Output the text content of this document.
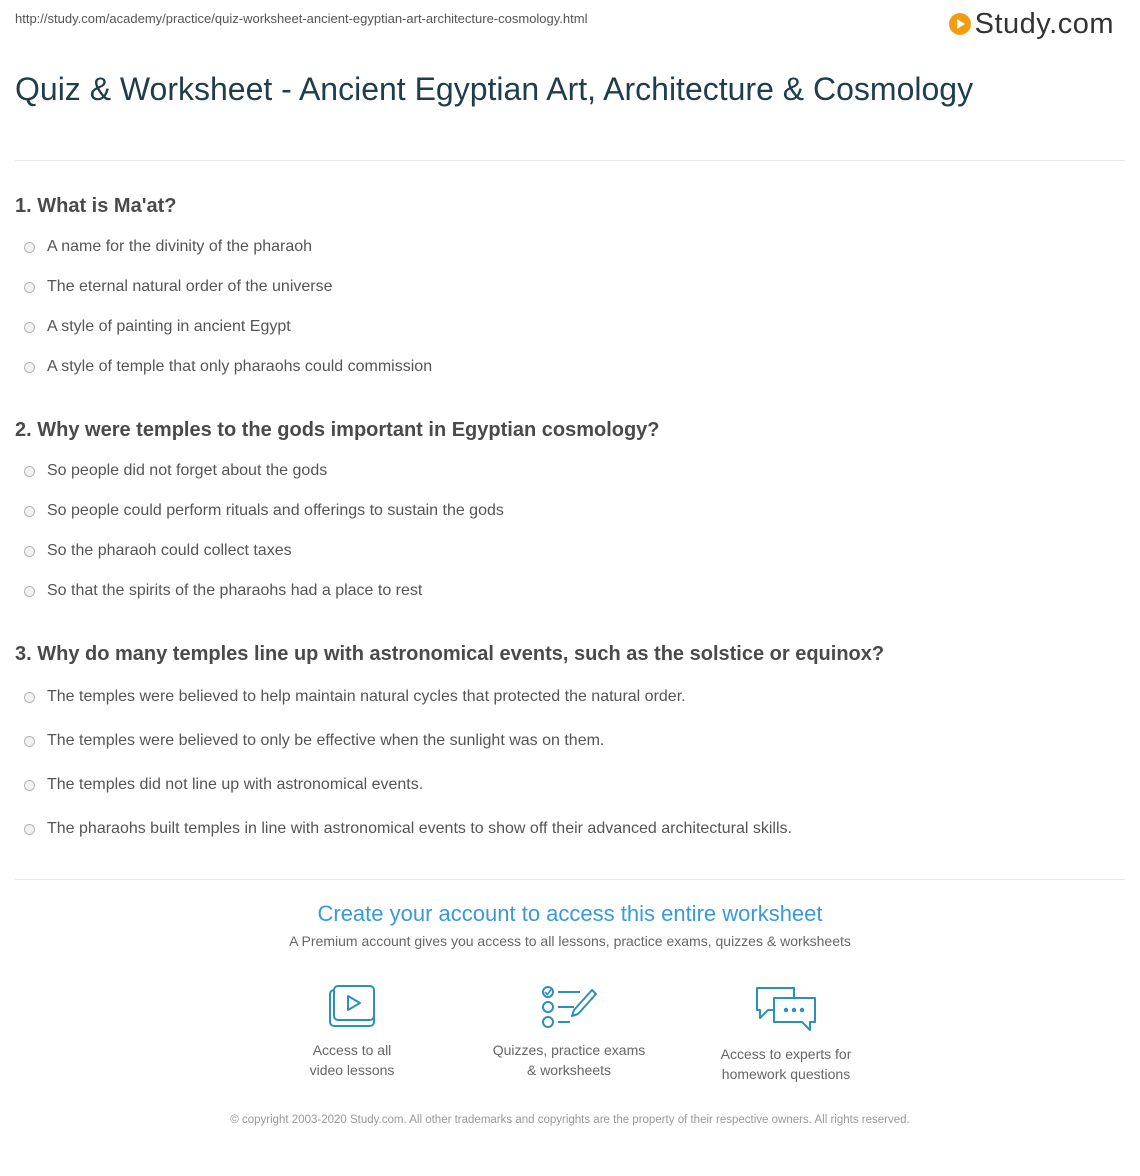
http://study.com/academy/practice/quiz-worksheet-ancient-egyptian-art-architecture-cosmology.html	Study.com
Quiz & Worksheet - Ancient Egyptian Art, Architecture & Cosmology
1. What is Ma'at?
A name for the divinity of the pharaoh
The eternal natural order of the universe
A style of painting in ancient Egypt
A style of temple that only pharaohs could commission
2. Why were temples to the gods important in Egyptian cosmology?
So people did not forget about the gods
So people could perform rituals and offerings to sustain the gods
So the pharaoh could collect taxes
So that the spirits of the pharaohs had a place to rest
3. Why do many temples line up with astronomical events, such as the solstice or equinox?
The temples were believed to help maintain natural cycles that protected the natural order.
The temples were believed to only be effective when the sunlight was on them.
The temples did not line up with astronomical events.
The pharaohs built temples in line with astronomical events to show off their advanced architectural skills.
Create your account to access this entire worksheet
A Premium account gives you access to all lessons, practice exams, quizzes & worksheets
Access to all
video lessons
Quizzes, practice exams
& worksheets
Access to experts for
homework questions
© copyright 2003-2020 Study.com. All other trademarks and copyrights are the property of their respective owners. All rights reserved.
